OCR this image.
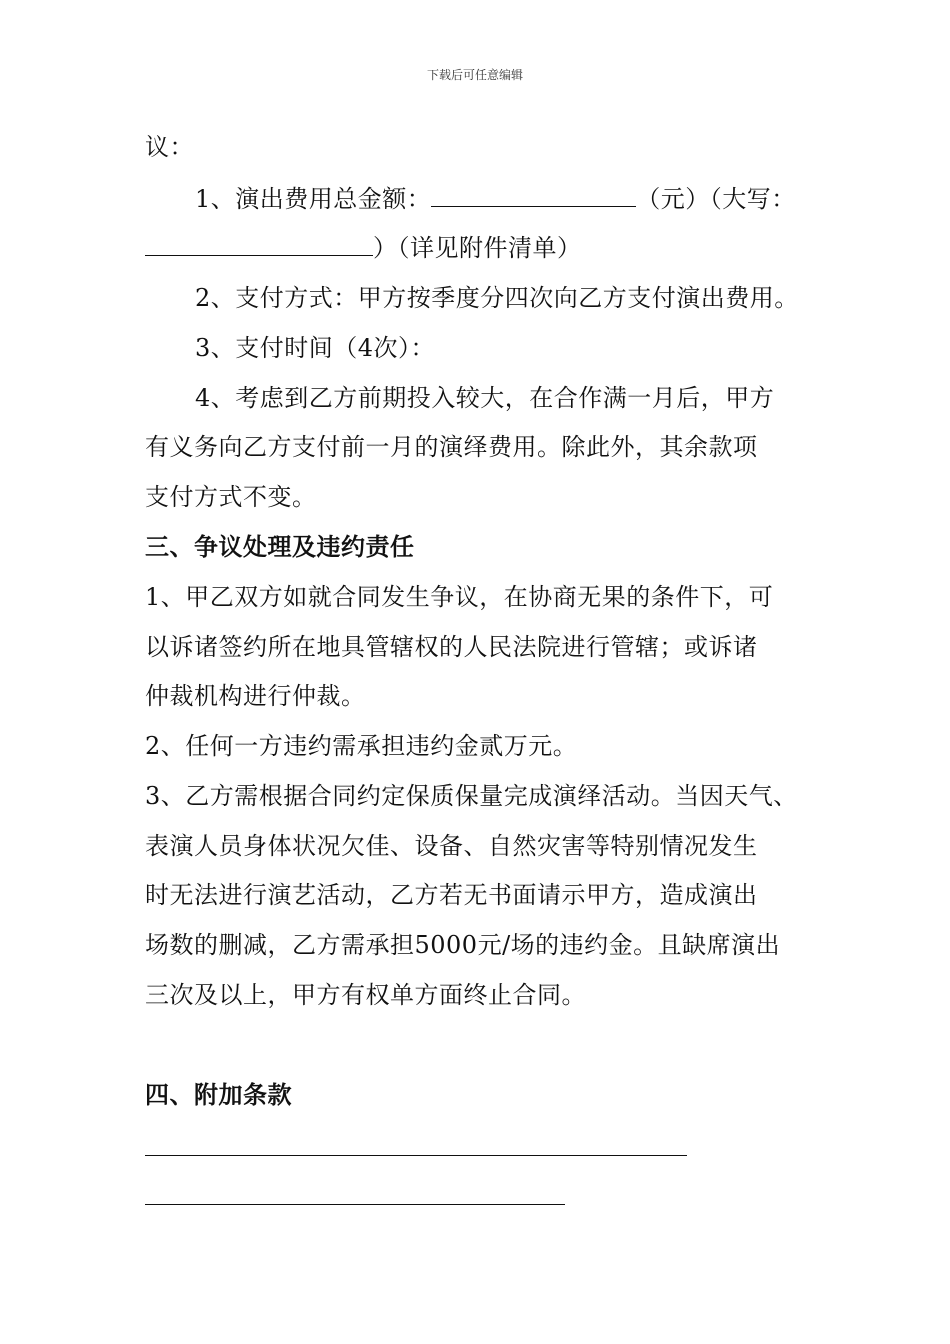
下载后可任意编辑
议：
1、演出费用总金额：	（元）（大写：
）（详见附件清单）
2、支付方式：甲方按季度分四次向乙方支付演出费用。
3、支付时间（4次）：
4、考虑到乙方前期投入较大，在合作满一月后，甲方
有义务向乙方支付前一月的演绎费用。除此外，其余款项
支付方式不变。
三、争议处理及违约责任
1、甲乙双方如就合同发生争议，在协商无果的条件下，可
以诉诸签约所在地具管辖权的人民法院进行管辖；或诉诸
仲裁机构进行仲裁。
2、任何一方违约需承担违约金贰万元。
3、乙方需根据合同约定保质保量完成演绎活动。当因天气、
表演人员身体状况欠佳、设备、自然灾害等特别情况发生
时无法进行演艺活动，乙方若无书面请示甲方，造成演出
场数的删减，乙方需承担5000元/场的违约金。且缺席演出
三次及以上，甲方有权单方面终止合同。
四、附加条款
